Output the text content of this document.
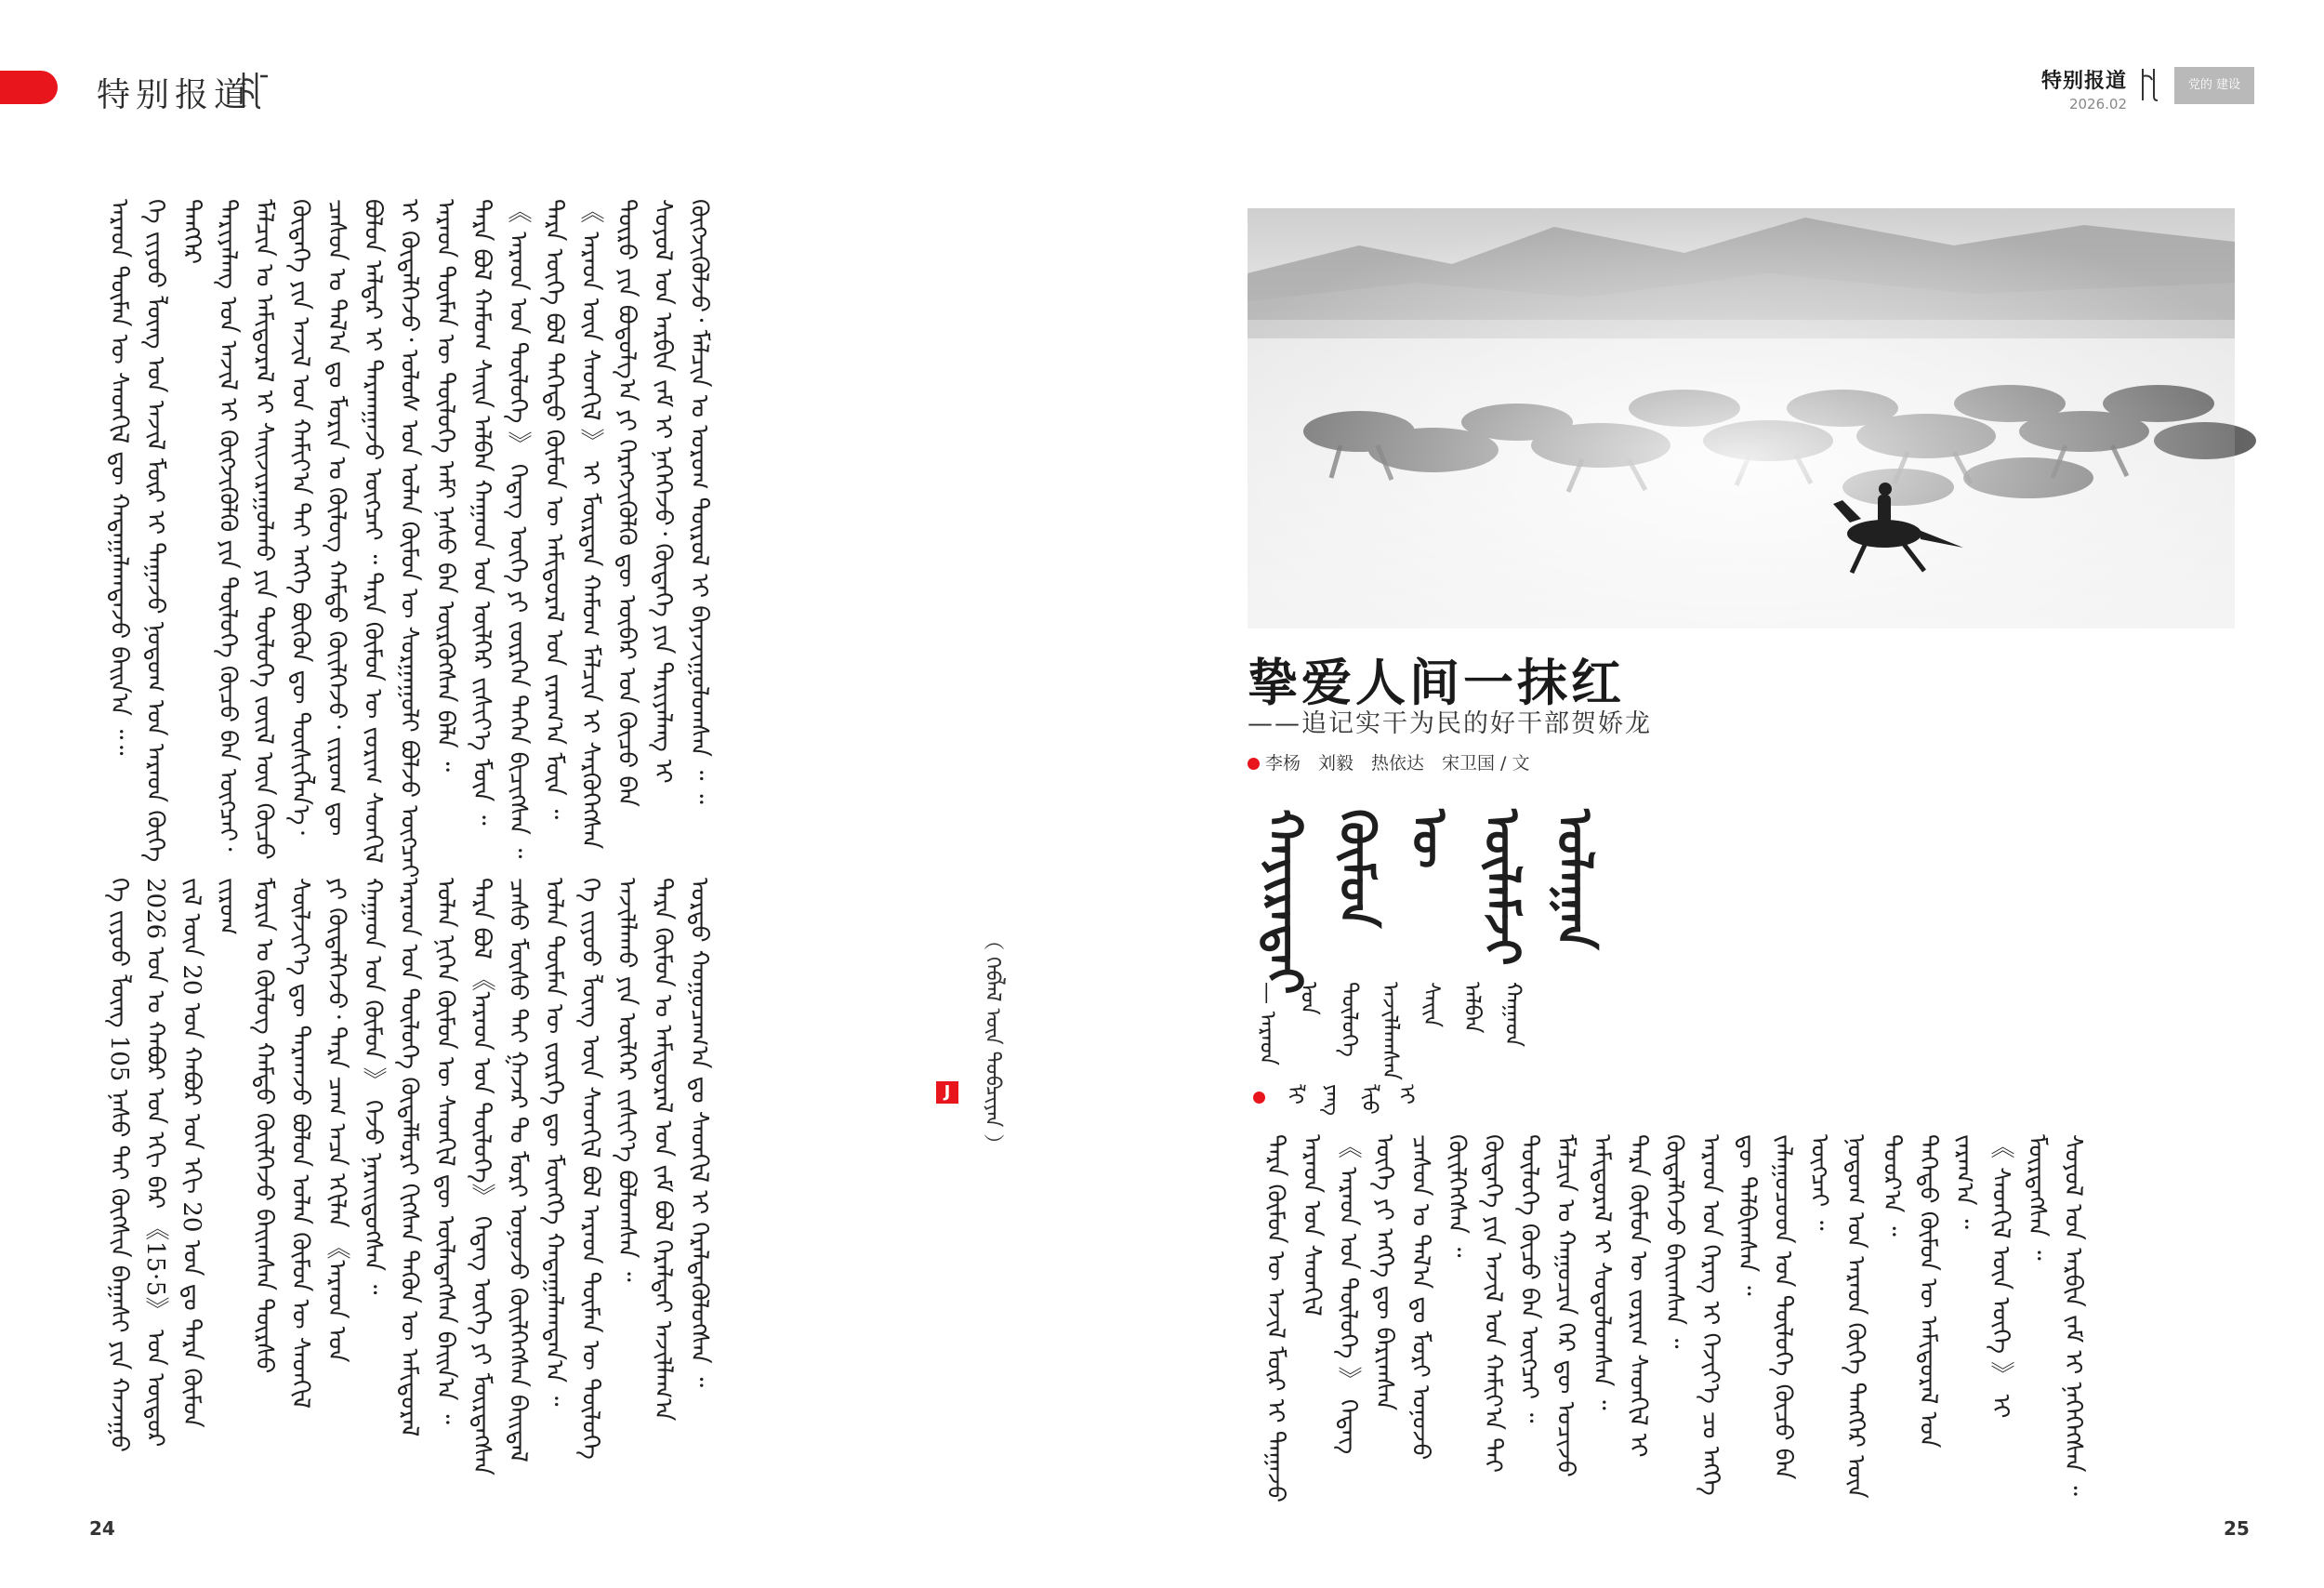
特别报道
ᠠᠷᠠᠳ ᠲᠦᠮᠡᠨ ᠦ ᠰᠡᠳᠬᠢᠯ ᠳᠦ ᠬᠠᠳᠠᠭᠠᠯᠠᠭᠳᠠᠵᠤ ᠪᠠᠢᠨ᠎ᠠ ᠃᠃ ᠬᠡ ᠵᠢᠶᠣᠤ ᠯᠦᠩ ᠤᠨ ᠠᠵᠢᠯ ᠮᠥᠷ ᠢ ᠳᠠᠭᠠᠵᠤ ᠨᠤᠲᠤᠭ ᠤᠨ ᠠᠷᠠᠳ ᠬᠥᠬᠡ ᠲᠡᠩᠭᠡᠷ ᠲᠠᠷᠢᠶᠠᠯᠠᠩ ᠤᠨ ᠠᠵᠢᠯ ᠢ ᠬᠥᠭᠵᠢᠭᠦᠯᠬᠦ ᠶᠢᠨ ᠲᠥᠯᠥᠭᠡ ᠬᠦᠴᠦ ᠪᠡᠨ ᠥᠭᠴᠡᠢ᠂ ᠮᠠᠯᠴᠢᠨ ᠤ ᠠᠮᠢᠳᠤᠷᠠᠯ ᠢ ᠰᠠᠢᠵᠢᠷᠠᠭᠤᠯᠬᠤ ᠶᠢᠨ ᠲᠥᠯᠥᠭᠡ ᠵᠦᠢᠯ ᠦᠨ ᠬᠦᠴᠦ ᠬᠥᠳᠡᠭᠡ ᠶᠢᠨ ᠠᠵᠢᠯ ᠤᠨ ᠬᠠᠮᠢᠶ᠎ᠠ ᠲᠠᠢ ᠡᠩᠭᠡ ᠪᠦᠬᠦᠨ ᠳᠦ ᠲᠦᠰᠢᠭᠯᠡᠨ᠎ᠡ᠂ ᠴᠠᠰᠤᠨ ᠤ ᠲᠠᠯ᠎ᠠ ᠳᠤ ᠮᠣᠷᠢᠨ ᠤ ᠬᠦᠯᠦᠭ ᠬᠠᠮᠲᠤ ᠭᠦᠢᠯᠭᠡᠵᠦ᠂ ᠵᠢᠷᠤᠭ ᠳᠦ ᠪᠣᠯᠤᠨ ᠠᠯᠳᠠᠷ ᠢ ᠲᠠᠷᠬᠠᠭᠠᠵᠤ ᠥᠭᠴᠡᠢ ᠃ ᠲᠡᠷᠡ ᠬᠦᠮᠦᠨ ᠦ ᠵᠤᠷᠢᠭ ᠰᠡᠳᠬᠢᠯ ᠢ ᠬᠥᠳᠡᠯᠭᠡᠵᠦ᠂ ᠤᠯᠤᠰ ᠤᠨ ᠣᠯᠠᠨ ᠬᠦᠮᠦᠨ ᠦ ᠰᠤᠷᠭᠠᠭᠤᠯᠢ ᠪᠣᠯᠵᠤ ᠥᠭᠴᠡᠢ ᠠᠷᠠᠳ ᠲᠦᠮᠡᠨ ᠦ ᠲᠥᠯᠥᠭᠡ ᠠᠮᠢ ᠨᠠᠰᠤ ᠪᠡᠨ ᠥᠷᠭᠦᠭᠰᠡᠨ ᠪᠡᠯᠡ ᠃ ᠲᠡᠷᠡ ᠪᠣᠯ ᠬᠠᠮᠤᠭ ᠰᠠᠢᠨ ᠠᠯᠪᠠᠨ ᠬᠠᠭᠠᠳ ᠤᠨ ᠦᠯᠭᠡᠷ ᠵᠢᠱᠢᠶ᠎ᠡ ᠮᠥᠨ ᠃ 《 ᠠᠷᠠᠳ ᠤᠨ ᠲᠥᠯᠥᠭᠡ 》 ᠭᠡᠳᠡᠭ ᠦᠭᠡ ᠶᠢ ᠵᠦᠷᠬᠡᠨ ᠳᠡᠭᠡᠨ ᠪᠢᠴᠢᠭᠰᠡᠨ ᠃ ᠲᠡᠷᠡ ᠦᠭᠡ ᠪᠣᠯ ᠳᠡᠭᠡᠳᠦ ᠬᠦᠮᠦᠨ ᠦ ᠠᠮᠢᠳᠤᠷᠠᠯ ᠤᠨ ᠵᠠᠷᠠᠭ᠎ᠠ ᠮᠥᠨ ᠃ 《 ᠠᠷᠠᠳ ᠦᠨ ᠰᠡᠳᠬᠢᠯ 》 ᠢ ᠮᠥᠷᠳᠡᠨ ᠬᠠᠮᠤᠭ ᠮᠠᠯᠴᠢᠨ ᠢ ᠰᠡᠷᠭᠦᠭᠡᠭᠰᠡᠨ ᠲᠦᠷᠦ ᠶᠢᠨ ᠪᠣᠳᠤᠯᠭ᠎ᠠ ᠶᠢ ᠬᠡᠷᠡᠭᠵᠢᠭᠦᠯᠬᠦ ᠳᠦ ᠥᠪᠡᠷ ᠤᠨ ᠬᠦᠴᠦ ᠪᠡᠨ ᠰᠣᠶᠣᠯ ᠤᠨ ᠠᠷᠪᠢᠨ ᠵᠠᠮ ᠢ ᠨᠡᠭᠡᠭᠡᠵᠦ᠂ ᠬᠥᠳᠡᠭᠡ ᠶᠢᠨ ᠲᠠᠷᠢᠶᠠᠯᠠᠩ ᠢ ᠬᠥᠭᠵᠢᠭᠦᠯᠵᠦ᠂ ᠮᠠᠯᠴᠢᠨ ᠤ ᠤᠷᠤᠭ ᠲᠥᠷᠦᠯ ᠢ ᠪᠠᠶᠠᠵᠢᠭᠤᠯᠤᠭᠰᠠᠨ ᠃ ᠃
ᠬᠡ ᠵᠢᠶᠣᠤ ᠯᠦᠩ 105 ᠨᠠᠰᠤ ᠲᠠᠢ ᠬᠥᠭᠰᠢᠨ ᠪᠠᠭᠠᠰᠢ ᠶᠢᠨ ᠬᠠᠵᠠᠭᠤ 2026 ᠣᠨ ᠤ ᠬᠠᠪᠤᠷ ᠤᠨ ᠡᠬᠢ ᠪᠡᠷ 《15·5》 ᠤᠨ ᠦᠳᠦᠷ ᠵᠢᠯ ᠦᠨ 20 ᠤᠨ ᠬᠠᠪᠤᠷ ᠤᠨ ᠡᠬᠢ 20 ᠤᠨ ᠳᠤ ᠲᠡᠷᠡ ᠬᠦᠮᠦᠨ ᠵᠢᠷᠤᠭ ᠮᠣᠷᠢᠨ ᠤ ᠬᠦᠯᠦᠭ ᠬᠠᠮᠲᠤ ᠭᠦᠢᠯᠭᠡᠵᠦ ᠪᠠᠢᠭᠰᠠᠨ ᠳᠦᠷᠰᠦ ᠰᠦᠯᠵᠢᠶ᠎ᠡ ᠳᠦ ᠲᠠᠷᠬᠠᠵᠤ ᠪᠣᠯᠤᠨ ᠣᠯᠠᠨ ᠬᠦᠮᠦᠨ ᠦ ᠰᠡᠳᠬᠢᠯ ᠶᠢ ᠬᠥᠳᠡᠯᠭᠡᠵᠦ᠂ ᠲᠡᠷᠡ ᠴᠠᠭ ᠠᠴᠠ ᠡᠬᠢᠯᠡᠨ 《ᠠᠷᠠᠳ ᠤᠨ ᠬᠠᠭᠠᠳ ᠤᠨ ᠬᠦᠮᠦᠨ 》 ᠭᠡᠵᠦ ᠨᠡᠷᠡᠢᠳᠦᠭᠰᠡᠨ ᠃ ᠠᠷᠠᠳ ᠤᠨ ᠲᠥᠯᠥᠭᠡ ᠬᠥᠳᠡᠯᠮᠦᠷᠢ ᠬᠢᠭᠰᠡᠨ ᠲᠡᠭᠦᠨ ᠦ ᠠᠮᠢᠳᠤᠷᠠᠯ ᠣᠯᠠᠨ ᠨᠢᠭᠡᠨ ᠬᠦᠮᠦᠨ ᠦ ᠰᠡᠳᠬᠢᠯ ᠳᠦ ᠦᠯᠡᠳᠡᠭᠰᠡᠨ ᠪᠠᠢᠨ᠎ᠠ ᠃ ᠲᠡᠷᠡ ᠪᠣᠯ 《ᠠᠷᠠᠳ ᠤᠨ ᠲᠥᠯᠥᠭᠡ》 ᠭᠡᠳᠡᠭ ᠦᠭᠡ ᠶᠢ ᠮᠥᠷᠳᠡᠭᠰᠡᠨ ᠴᠠᠰᠤ ᠮᠥᠰᠦ ᠲᠠᠢ ᠭᠠᠵᠠᠷ ᠲᠤ ᠮᠣᠷᠢ ᠤᠨᠤᠵᠤ ᠭᠦᠢᠯᠭᠡᠭᠰᠡᠨ ᠪᠠᠢᠳᠠᠯ ᠣᠯᠠᠨ ᠲᠦᠮᠡᠨ ᠦ ᠵᠦᠷᠬᠡ ᠳᠦ ᠮᠥᠩᠬᠡ ᠬᠠᠳᠠᠭᠠᠯᠠᠭᠳᠠᠨ᠎ᠠ ᠃ ᠬᠡ ᠵᠢᠶᠣᠤ ᠯᠦᠩ ᠦᠨ ᠰᠡᠳᠬᠢᠯ ᠪᠣᠯ ᠠᠷᠠᠳ ᠲᠦᠮᠡᠨ ᠦ ᠲᠥᠯᠥᠭᠡ ᠠᠵᠢᠯᠯᠠᠬᠤ ᠶᠢᠨ ᠦᠯᠭᠡᠷ ᠵᠢᠱᠢᠶ᠎ᠡ ᠪᠣᠯᠤᠭᠰᠠᠨ ᠃ ᠲᠡᠷᠡ ᠬᠦᠮᠦᠨ ᠤ ᠠᠮᠢᠳᠤᠷᠠᠯ ᠤᠨ ᠵᠠᠮ ᠪᠣᠯ ᠭᠡᠷᠡᠯᠲᠡᠢ ᠠᠵᠢᠯᠯᠠᠭ᠎ᠠ ᠤᠷᠲᠤ ᠬᠤᠭᠤᠴᠠᠭ᠎ᠠ ᠳᠤ ᠰᠡᠳᠬᠢᠯ ᠢ ᠭᠡᠷᠡᠯᠲᠡᠭᠦᠯᠦᠭᠰᠡᠨ ᠃	J	（ ᠬᠡᠪᠯᠡᠯ ᠦᠨ ᠲᠣᠪᠴᠢᠶᠠᠨ ）
24
特别报道
2026.02
党的 建设
挚爱人间一抹红
——追记实干为民的好干部贺娇龙
李杨　刘毅　热依达　宋卫国 / 文
ᠬᠠᠶᠢᠷᠠᠲᠠᠢ ᠬᠦᠮᠦᠨ ᠦ ᠦᠯᠡᠮᠵᠢ ᠤᠯᠠᠭᠠᠨ
— ᠠᠷᠠᠳ ᠤᠨ ᠲᠥᠯᠥᠭᠡ ᠠᠵᠢᠯᠯᠠᠭᠰᠠᠨ ᠰᠠᠢᠨ ᠠᠯᠪᠠᠨ ᠬᠠᠭᠠᠳ
ᠯᠢ ᠶᠠᠩ ᠯᠢᠦ ᠢ
ᠲᠡᠷᠡ ᠬᠦᠮᠦᠨ ᠦ ᠠᠵᠢᠯ ᠮᠥᠷ ᠢ ᠳᠠᠭᠠᠵᠤ ᠠᠷᠠᠳ ᠤᠨ ᠰᠡᠳᠬᠢᠯ 《 ᠠᠷᠠᠳ ᠤᠨ ᠲᠥᠯᠥᠭᠡ 》 ᠭᠡᠳᠡᠭ ᠦᠭᠡ ᠶᠢ ᠡᠩᠭᠡ ᠳᠦ ᠪᠠᠷᠢᠭᠰᠠᠨ ᠴᠠᠰᠤᠨ ᠤ ᠲᠠᠯ᠎ᠠ ᠳᠤ ᠮᠣᠷᠢ ᠤᠨᠤᠵᠤ ᠭᠦᠢᠯᠭᠡᠭᠰᠡᠨ ᠃ ᠬᠥᠳᠡᠭᠡ ᠶᠢᠨ ᠠᠵᠢᠯ ᠤᠨ ᠬᠠᠮᠢᠶ᠎ᠠ ᠲᠠᠢ ᠲᠥᠯᠥᠭᠡ ᠬᠦᠴᠦ ᠪᠡᠨ ᠥᠭᠴᠡᠢ ᠃ ᠮᠠᠯᠴᠢᠨ ᠤ ᠬᠠᠭᠤᠴᠢᠨ ᠭᠡᠷ ᠳᠦ ᠣᠴᠢᠵᠤ ᠠᠮᠢᠳᠤᠷᠠᠯ ᠢ ᠰᠤᠳᠤᠯᠤᠭᠰᠠᠨ ᠃ ᠲᠡᠷᠡ ᠬᠦᠮᠦᠨ ᠦ ᠵᠤᠷᠢᠭ ᠰᠡᠳᠬᠢᠯ ᠢ ᠬᠥᠳᠡᠯᠭᠡᠵᠦ ᠪᠠᠢᠭᠰᠠᠨ ᠃ ᠠᠷᠠᠳ ᠤᠨ ᠬᠡᠷᠡᠭ ᠢ ᠬᠡᠵᠢᠶ᠎ᠡ ᠴᠤ ᠡᠩᠭᠡ ᠳᠦ ᠲᠠᠯᠪᠢᠭᠰᠠᠨ ᠃ ᠵᠠᠯᠠᠭᠤᠴᠤᠳ ᠤᠨ ᠲᠥᠯᠥᠭᠡ ᠬᠦᠴᠦ ᠪᠡᠨ ᠥᠭᠴᠡᠢ ᠃ ᠨᠤᠲᠤᠭ ᠤᠨ ᠠᠷᠠᠳ ᠬᠥᠬᠡ ᠲᠡᠩᠭᠡᠷ ᠦᠨ ᠳᠣᠣᠷ᠎ᠠ ᠃ ᠳᠡᠭᠡᠳᠦ ᠬᠦᠮᠦᠨ ᠦ ᠠᠮᠢᠳᠤᠷᠠᠯ ᠤᠨ ᠵᠠᠷᠠᠭ᠎ᠠ ᠃ 《 ᠰᠡᠳᠬᠢᠯ ᠦᠨ ᠦᠭᠡ 》 ᠢ ᠮᠥᠷᠳᠡᠭᠰᠡᠨ ᠃ ᠰᠣᠶᠣᠯ ᠤᠨ ᠠᠷᠪᠢᠨ ᠵᠠᠮ ᠢ ᠨᠡᠭᠡᠭᠡᠭᠰᠡᠨ ᠃
25
